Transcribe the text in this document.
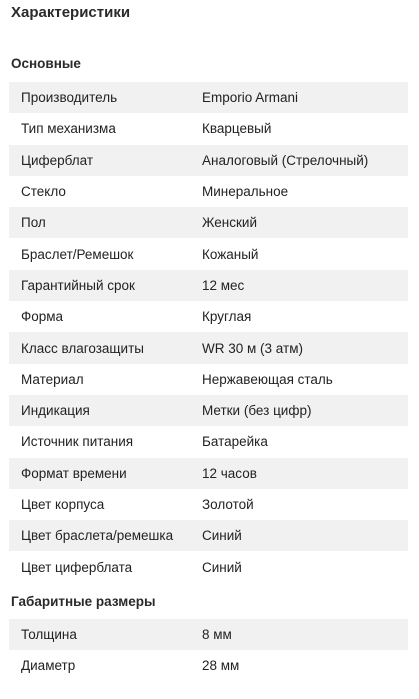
Характеристики
Основные
Производитель	Emporio Armani
Тип механизма	Кварцевый
Циферблат	Аналоговый (Стрелочный)
Стекло	Минеральное
Пол	Женский
Браслет/Ремешок	Кожаный
Гарантийный срок	12 мес
Форма	Круглая
Класс влагозащиты	WR 30 м (3 атм)
Материал	Нержавеющая сталь
Индикация	Метки (без цифр)
Источник питания	Батарейка
Формат времени	12 часов
Цвет корпуса	Золотой
Цвет браслета/ремешка	Синий
Цвет циферблата	Синий
Габаритные размеры
Толщина	8 мм
Диаметр	28 мм
